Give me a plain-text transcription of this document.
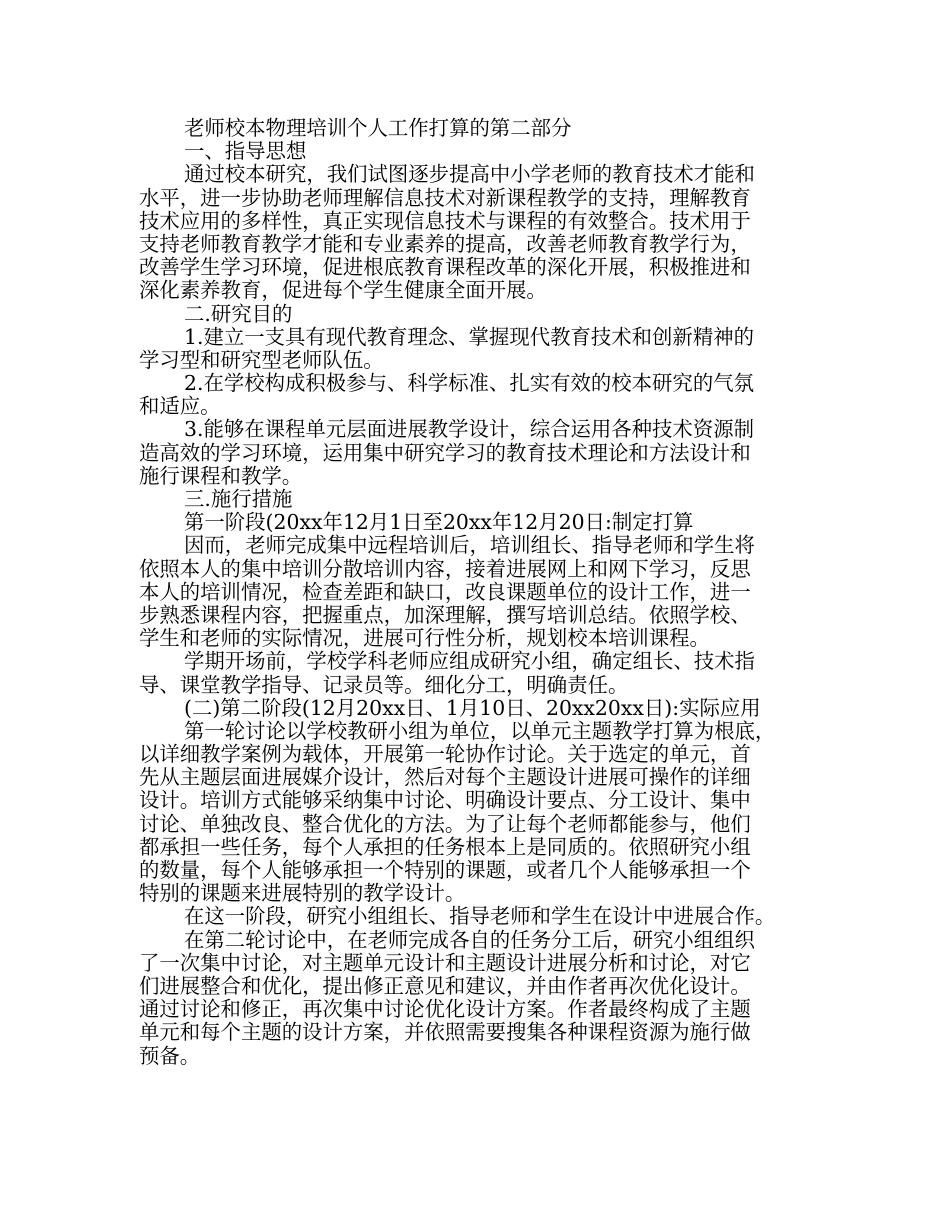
老师校本物理培训个人工作打算的第二部分
一、指导思想
通过校本研究，我们试图逐步提高中小学老师的教育技术才能和
水平，进一步协助老师理解信息技术对新课程教学的支持，理解教育
技术应用的多样性，真正实现信息技术与课程的有效整合。技术用于
支持老师教育教学才能和专业素养的提高，改善老师教育教学行为，
改善学生学习环境，促进根底教育课程改革的深化开展，积极推进和
深化素养教育，促进每个学生健康全面开展。
二.研究目的
1.建立一支具有现代教育理念、掌握现代教育技术和创新精神的
学习型和研究型老师队伍。
2.在学校构成积极参与、科学标准、扎实有效的校本研究的气氛
和适应。
3.能够在课程单元层面进展教学设计，综合运用各种技术资源制
造高效的学习环境，运用集中研究学习的教育技术理论和方法设计和
施行课程和教学。
三.施行措施
第一阶段(20xx年12月1日至20xx年12月20日:制定打算
因而，老师完成集中远程培训后，培训组长、指导老师和学生将
依照本人的集中培训分散培训内容，接着进展网上和网下学习，反思
本人的培训情况，检查差距和缺口，改良课题单位的设计工作，进一
步熟悉课程内容，把握重点，加深理解，撰写培训总结。依照学校、
学生和老师的实际情况，进展可行性分析，规划校本培训课程。
学期开场前，学校学科老师应组成研究小组，确定组长、技术指
导、课堂教学指导、记录员等。细化分工，明确责任。
(二)第二阶段(12月20xx日、1月10日、20xx20xx日):实际应用
第一轮讨论以学校教研小组为单位，以单元主题教学打算为根底，
以详细教学案例为载体，开展第一轮协作讨论。关于选定的单元，首
先从主题层面进展媒介设计，然后对每个主题设计进展可操作的详细
设计。培训方式能够采纳集中讨论、明确设计要点、分工设计、集中
讨论、单独改良、整合优化的方法。为了让每个老师都能参与，他们
都承担一些任务，每个人承担的任务根本上是同质的。依照研究小组
的数量，每个人能够承担一个特别的课题，或者几个人能够承担一个
特别的课题来进展特别的教学设计。
在这一阶段，研究小组组长、指导老师和学生在设计中进展合作。
在第二轮讨论中，在老师完成各自的任务分工后，研究小组组织
了一次集中讨论，对主题单元设计和主题设计进展分析和讨论，对它
们进展整合和优化，提出修正意见和建议，并由作者再次优化设计。
通过讨论和修正，再次集中讨论优化设计方案。作者最终构成了主题
单元和每个主题的设计方案，并依照需要搜集各种课程资源为施行做
预备。
